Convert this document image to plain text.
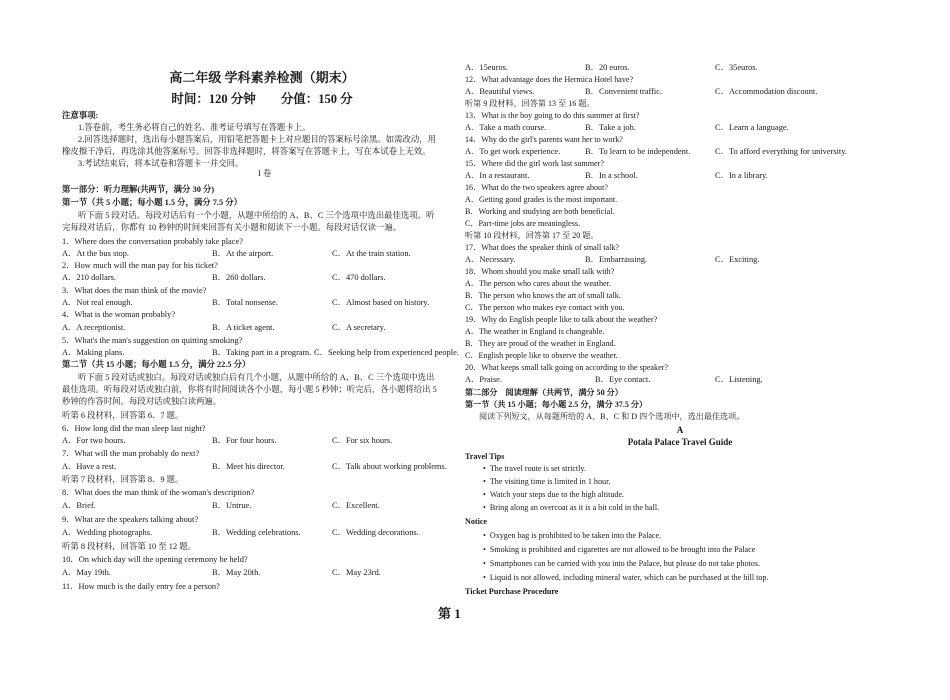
高二年级 学科素养检测（期末）
时间：120 分钟　　分值：150 分
注意事项:
1.答卷前，考生务必将自己的姓名、准考证号填写在答题卡上。
2.回答选择题时，选出每小题答案后，用铅笔把答题卡上对应题目的答案标号涂黑。如需改动，用
橡皮擦干净后，再选涂其他答案标号。回答非选择题时，将答案写在答题卡上，写在本试卷上无效。
3.考试结束后，将本试卷和答题卡一并交回。
I 卷
第一部分：听力理解(共两节，满分 30 分)
第一节（共 5 小题；每小题 1.5 分，满分 7.5 分）
听下面 5 段对话。每段对话后有一个小题，从题中所给的 A、B、C 三个选项中选出最佳选项。听
完每段对话后，你都有 10 秒钟的时间来回答有关小题和阅读下一小题。每段对话仅读一遍。
1．Where does the conversation probably take place?
A．At the bus stop.	B．At the airport.	C．At the train station.
2．How much will the man pay for his ticket?
A．210 dollars.	B．260 dollars.	C．470 dollars.
3．What does the man think of the movie?
A．Not real enough.	B．Total nonsense.	C．Almost based on history.
4．What is the woman probably?
A．A receptionist.	B．A ticket agent.	C．A secretary.
5．What's the man's suggestion on quitting smoking?
A．Making plans.	B．Taking part in a program. C．Seeking help from experienced people.
第二节（共 15 小题；每小题 1.5 分，满分 22.5 分）
听下面 5 段对话或独白。每段对话或独白后有几个小题，从题中所给的 A、B、C 三个选项中选出
最佳选项。听每段对话或独白前，你将有时间阅读各个小题，每小题 5 秒钟；听完后，各小题将给出 5
秒钟的作答时间。每段对话或独白读两遍。
听第 6 段材料，回答第 6、7 题。
6．How long did the man sleep last night?
A．For two hours.	B．For four hours.	C．For six hours.
7．What will the man probably do next?
A．Have a rest.	B．Meet his director.	C．Talk about working problems.
听第 7 段材料，回答第 8、9 题。
8．What does the man think of the woman's description?
A．Brief.	B．Untrue.	C．Excellent.
9．What are the speakers talking about?
A．Wedding photographs.	B．Wedding celebrations.	C．Wedding decorations.
听第 8 段材料，回答第 10 至 12 题。
10．On which day will the opening ceremony be held?
A．May 19th.	B．May 20th.	C．May 23rd.
11．How much is the daily entry fee a person?
A．15euros.	B．20 euros.	C．35euros.
12．What advantage does the Hermica Hotel have?
A．Beautiful views.	B．Convenient traffic.	C．Accommodation discount.
听第 9 段材料，回答第 13 至 16 题。
13．What is the boy going to do this summer at first?
A．Take a math course.	B．Take a job.	C．Learn a language.
14．Why do the girl's parents want her to work?
A．To get work experience.	B．To learn to be independent.	C．To afford everything for university.
15．Where did the girl work last summer?
A．In a restaurant.	B．In a school.	C．In a library.
16．What do the two speakers agree about?
A．Getting good grades is the most important.
B．Working and studying are both beneficial.
C．Part-time jobs are meaningless.
听第 10 段材料，回答第 17 至 20 题。
17．What does the speaker think of small talk?
A．Necessary.	B．Embarrassing.	C．Exciting.
18．Whom should you make small talk with?
A．The person who cares about the weather.
B．The person who knows the art of small talk.
C．The person who makes eye contact with you.
19．Why do English people like to talk about the weather?
A．The weather in England is changeable.
B．They are proud of the weather in England.
C．English people like to observe the weather.
20．What keeps small talk going on according to the speaker?
A．Praise.	B．Eye contact.	C．Listening.
第二部分　阅读理解（共两节，满分 50 分）
第一节（共 15 小题；每小题 2.5 分，满分 37.5 分）
阅读下列短文，从每题所给的 A、B、C 和 D 四个选项中，选出最佳选项。
A
Potala Palace Travel Guide
Travel Tips
• The travel route is set strictly.
• The visiting time is limited in 1 hour.
• Watch your steps due to the high altitude.
• Bring along an overcoat as it is a bit cold in the hall.
Notice
• Oxygen bag is prohibited to be taken into the Palace.
• Smoking is prohibited and cigarettes are not allowed to be brought into the Palace
• Smartphones can be carried with you into the Palace, but please do not take photos.
• Liquid is not allowed, including mineral water, which can be purchased at the hill top.
Ticket Purchase Procedure
第 1
